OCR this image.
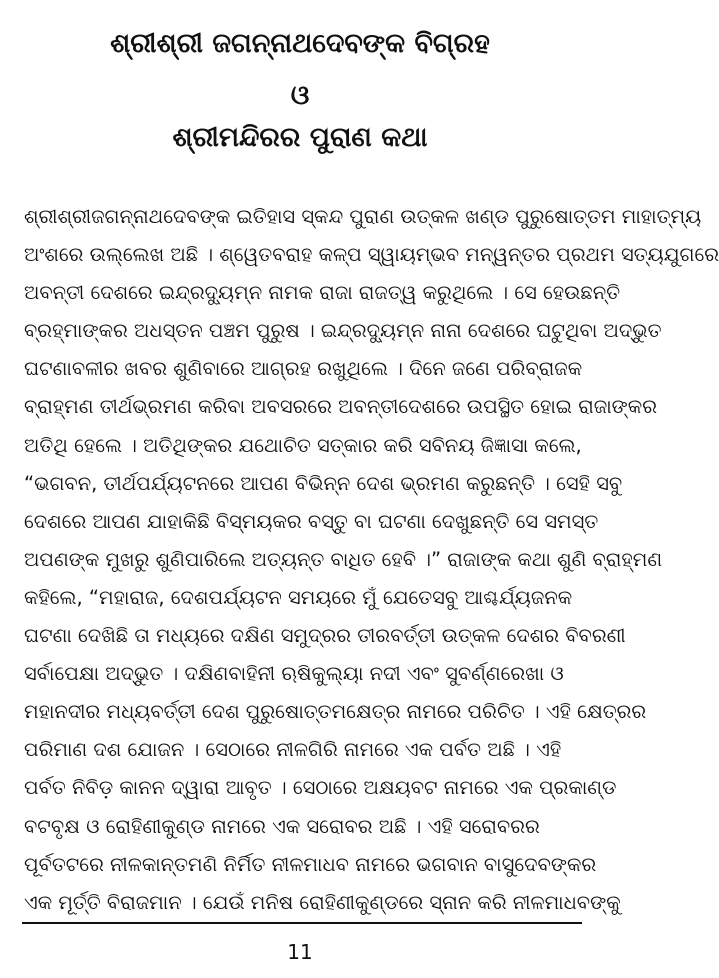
ଶ୍ରୀଶ୍ରୀ ଜଗନ୍ନାଥଦେବଙ୍କ ବିଗ୍ରହ
ଓ
ଶ୍ରୀମନ୍ଦିରର ପୁରାଣ କଥା
ଶ୍ରୀଶ୍ରୀଜଗନ୍ନାଥଦେବଙ୍କ ଇତିହାସ ସ୍କନ୍ଦ ପୁରାଣ ଉତ୍କଳ ଖଣ୍ଡ ପୁରୁଷୋତ୍ତମ ମାହାତ୍ମ୍ୟ
ଅଂଶରେ ଉଲ୍ଲେଖ ଅଛି । ଶ୍ୱେତବରାହ କଳ୍ପ ସ୍ୱାୟମ୍ଭବ ମନ୍ୱନ୍ତର ପ୍ରଥମ ସତ୍ୟଯୁଗରେ
ଅବନ୍ତୀ ଦେଶରେ ଇନ୍ଦ୍ରଦ୍ୟୁମ୍ନ ନାମକ ରାଜା ରାଜତ୍ୱ କରୁଥିଲେ । ସେ ହେଉଛନ୍ତି
ବ୍ରହ୍ମାଙ୍କର ଅଧସ୍ତନ ପଞ୍ଚମ ପୁରୁଷ । ଇନ୍ଦ୍ରଦ୍ୟୁମ୍ନ ନାନା ଦେଶରେ ଘଟୁଥିବା ଅଦ୍ଭୁତ
ଘଟଣାବଳୀର ଖବର ଶୁଣିବାରେ ଆଗ୍ରହ ରଖୁଥିଲେ । ଦିନେ ଜଣେ ପରିବ୍ରାଜକ
ବ୍ରାହ୍ମଣ ତୀର୍ଥଭ୍ରମଣ କରିବା ଅବସରରେ ଅବନ୍ତୀଦେଶରେ ଉପସ୍ଥିତ ହୋଇ ରାଜାଙ୍କର
ଅତିଥି ହେଲେ । ଅତିଥିଙ୍କର ଯଥୋଚିତ ସତ୍କାର କରି ସବିନୟ ଜିଜ୍ଞାସା କଲେ,
“ଭଗବନ, ତୀର୍ଥପର୍ଯ୍ୟଟନରେ ଆପଣ ବିଭିନ୍ନ ଦେଶ ଭ୍ରମଣ କରୁଛନ୍ତି । ସେହି ସବୁ
ଦେଶରେ ଆପଣ ଯାହାକିଛି ବିସ୍ମୟକର ବସ୍ତୁ ବା ଘଟଣା ଦେଖୁଛନ୍ତି ସେ ସମସ୍ତ
ଅପଣଙ୍କ ମୁଖରୁ ଶୁଣିପାରିଲେ ଅତ୍ୟନ୍ତ ବାଧିତ ହେବି ।” ରାଜାଙ୍କ କଥା ଶୁଣି ବ୍ରାହ୍ମଣ
କହିଲେ, “ମହାରାଜ, ଦେଶପର୍ଯ୍ୟଟନ ସମୟରେ ମୁଁ ଯେତେସବୁ ଆଶ୍ଚର୍ଯ୍ୟଜନକ
ଘଟଣା ଦେଖିଛି ତା ମଧ୍ୟରେ ଦକ୍ଷିଣ ସମୁଦ୍ରର ତୀରବର୍ତ୍ତୀ ଉତ୍କଳ ଦେଶର ବିବରଣୀ
ସର୍ବାପେକ୍ଷା ଅଦ୍ଭୁତ । ଦକ୍ଷିଣବାହିନୀ ଋଷିକୁଲ୍ୟା ନଦୀ ଏବଂ ସୁବର୍ଣ୍ଣରେଖା ଓ
ମହାନଦୀର ମଧ୍ୟବର୍ତ୍ତୀ ଦେଶ ପୁରୁଷୋତ୍ତମକ୍ଷେତ୍ର ନାମରେ ପରିଚିତ । ଏହି କ୍ଷେତ୍ରର
ପରିମାଣ ଦଶ ଯୋଜନ । ସେଠାରେ ନୀଳଗିରି ନାମରେ ଏକ ପର୍ବତ ଅଛି । ଏହି
ପର୍ବତ ନିବିଡ଼ କାନନ ଦ୍ୱାରା ଆବୃତ । ସେଠାରେ ଅକ୍ଷୟବଟ ନାମରେ ଏକ ପ୍ରକାଣ୍ଡ
ବଟବୃକ୍ଷ ଓ ରୋହିଣୀକୁଣ୍ଡ ନାମରେ ଏକ ସରୋବର ଅଛି । ଏହି ସରୋବରର
ପୂର୍ବତଟରେ ନୀଳକାନ୍ତମଣି ନିର୍ମିତ ନୀଳମାଧବ ନାମରେ ଭଗବାନ ବାସୁଦେବଙ୍କର
ଏକ ମୂର୍ତ୍ତି ବିରାଜମାନ । ଯେଉଁ ମନିଷ ରୋହିଣୀକୁଣ୍ଡରେ ସ୍ନାନ କରି ନୀଳମାଧବଙ୍କୁ
11
